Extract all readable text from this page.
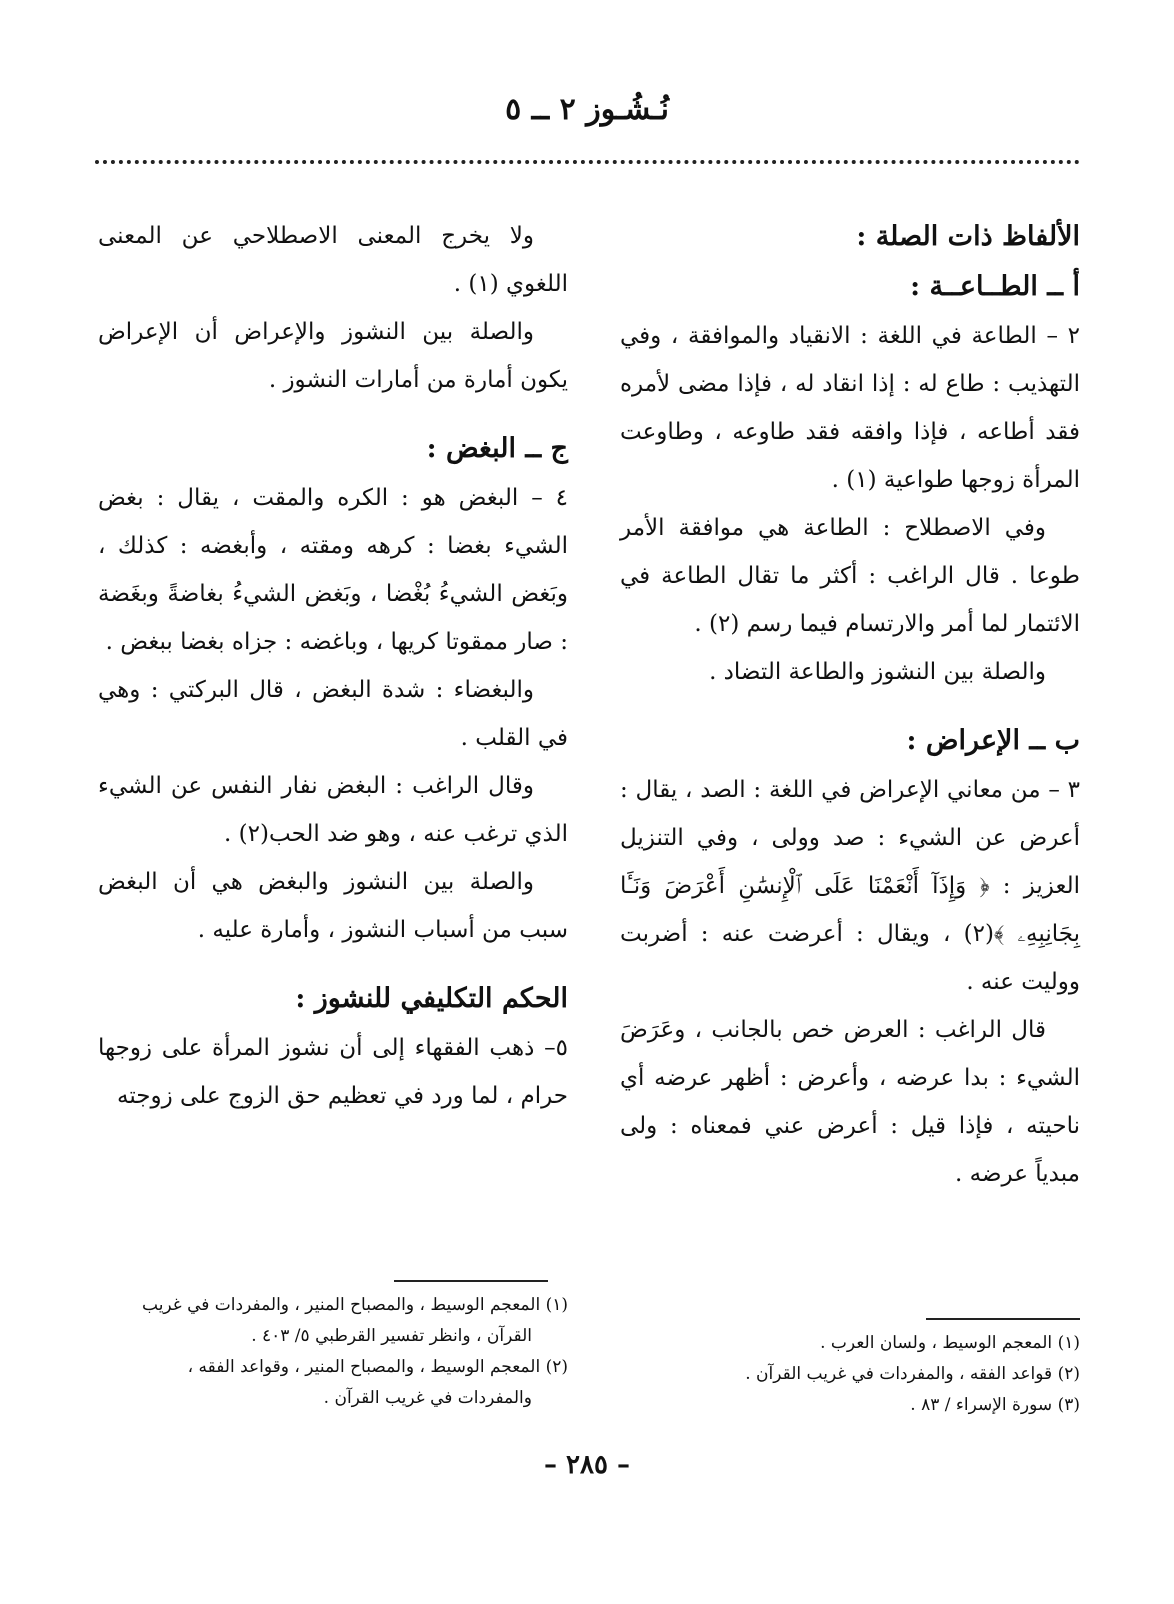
نُـشُـوز ٢ ــ ٥
الألفاظ ذات الصلة :
أ ــ الطــاعــة :

٢ – الطاعة في اللغة : الانقياد والموافقة ، وفي التهذيب : طاع له : إذا انقاد له ، فإذا مضى لأمره فقد أطاعه ، فإذا وافقه فقد طاوعه ، وطاوعت المرأة زوجها طواعية (١) .

وفي الاصطلاح : الطاعة هي موافقة الأمر طوعا . قال الراغب : أكثر ما تقال الطاعة في الائتمار لما أمر والارتسام فيما رسم (٢) .

والصلة بين النشوز والطاعة التضاد .

ب ــ الإعراض :

٣ – من معاني الإعراض في اللغة : الصد ، يقال : أعرض عن الشيء : صد وولى ، وفي التنزيل العزيز : ﴿ وَإِذَآ أَنْعَمْنَا عَلَى ٱلْإِنسَٰنِ أَعْرَضَ وَنَـَٔا بِجَانِبِهِۦ ﴾(٢) ، ويقال : أعرضت عنه : أضربت ووليت عنه .

قال الراغب : العرض خص بالجانب ، وعَرَضَ الشيء : بدا عرضه ، وأعرض : أظهر عرضه أي ناحيته ، فإذا قيل : أعرض عني فمعناه : ولى مبدياً عرضه .

ولا يخرج المعنى الاصطلاحي عن المعنى اللغوي (١) .

والصلة بين النشوز والإعراض أن الإعراض يكون أمارة من أمارات النشوز .

ج ــ البغض :

٤ – البغض هو : الكره والمقت ، يقال : بغض الشيء بغضا : كرهه ومقته ، وأبغضه : كذلك ، وبَغض الشيءُ بُغْضا ، وبَغض الشيءُ بغاضةً وبغَضة : صار ممقوتا كريها ، وباغضه : جزاه بغضا ببغض .

والبغضاء : شدة البغض ، قال البركتي : وهي في القلب .

وقال الراغب : البغض نفار النفس عن الشيء الذي ترغب عنه ، وهو ضد الحب(٢) .

والصلة بين النشوز والبغض هي أن البغض سبب من أسباب النشوز ، وأمارة عليه .

الحكم التكليفي للنشوز :

٥– ذهب الفقهاء إلى أن نشوز المرأة على زوجها حرام ، لما ورد في تعظيم حق الزوج على زوجته

(١) المعجم الوسيط ، ولسان العرب .

(٢) قواعد الفقه ، والمفردات في غريب القرآن .

(٣) سورة الإسراء / ٨٣ .

(١) المعجم الوسيط ، والمصباح المنير ، والمفردات في غريب

القرآن ، وانظر تفسير القرطبي ٥/ ٤٠٣ .

(٢) المعجم الوسيط ، والمصباح المنير ، وقواعد الفقه ،

والمفردات في غريب القرآن .

– ٢٨٥ –
